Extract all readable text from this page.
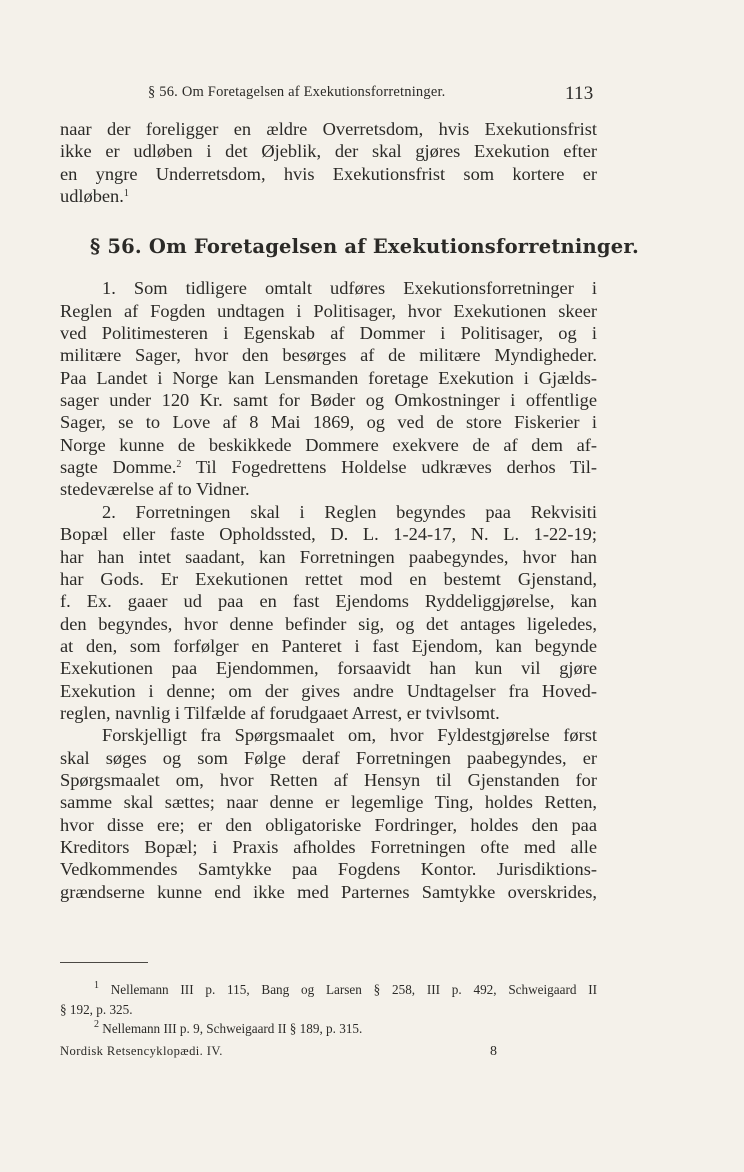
§ 56. Om Foretagelsen af Exekutionsforretninger.	113
naar der foreligger en ældre Overretsdom, hvis Exekutionsfrist
ikke er udløben i det Øjeblik, der skal gjøres Exekution efter
en yngre Underretsdom, hvis Exekutionsfrist som kortere er
udløben.$^1$
§ 56. Om Foretagelsen af Exekutionsforretninger.
1. Som tidligere omtalt udføres Exekutionsforretninger i
Reglen af Fogden undtagen i Politisager, hvor Exekutionen skeer
ved Politimesteren i Egenskab af Dommer i Politisager, og i
militære Sager, hvor den besørges af de militære Myndigheder.
Paa Landet i Norge kan Lensmanden foretage Exekution i Gjælds-
sager under 120 Kr. samt for Bøder og Omkostninger i offentlige
Sager, se to Love af 8 Mai 1869, og ved de store Fiskerier i
Norge kunne de beskikkede Dommere exekvere de af dem af-
sagte Domme.$^2$ Til Fogedrettens Holdelse udkræves derhos Til-
stedeværelse af to Vidner.
2. Forretningen skal i Reglen begyndes paa Rekvisiti
Bopæl eller faste Opholdssted, D. L. 1-24-17, N. L. 1-22-19;
har han intet saadant, kan Forretningen paabegyndes, hvor han
har Gods. Er Exekutionen rettet mod en bestemt Gjenstand,
f. Ex. gaaer ud paa en fast Ejendoms Ryddeliggjørelse, kan
den begyndes, hvor denne befinder sig, og det antages ligeledes,
at den, som forfølger en Panteret i fast Ejendom, kan begynde
Exekutionen paa Ejendommen, forsaavidt han kun vil gjøre
Exekution i denne; om der gives andre Undtagelser fra Hoved-
reglen, navnlig i Tilfælde af forudgaaet Arrest, er tvivlsomt.
Forskjelligt fra Spørgsmaalet om, hvor Fyldestgjørelse først
skal søges og som Følge deraf Forretningen paabegyndes, er
Spørgsmaalet om, hvor Retten af Hensyn til Gjenstanden for
samme skal sættes; naar denne er legemlige Ting, holdes Retten,
hvor disse ere; er den obligatoriske Fordringer, holdes den paa
Kreditors Bopæl; i Praxis afholdes Forretningen ofte med alle
Vedkommendes Samtykke paa Fogdens Kontor. Jurisdiktions-
grændserne kunne end ikke med Parternes Samtykke overskrides,
$^1$ Nellemann III p. 115, Bang og Larsen § 258, III p. 492, Schweigaard II
§ 192, p. 325.
$^2$ Nellemann III p. 9, Schweigaard II § 189, p. 315.
Nordisk Retsencyklopædi. IV.	8
